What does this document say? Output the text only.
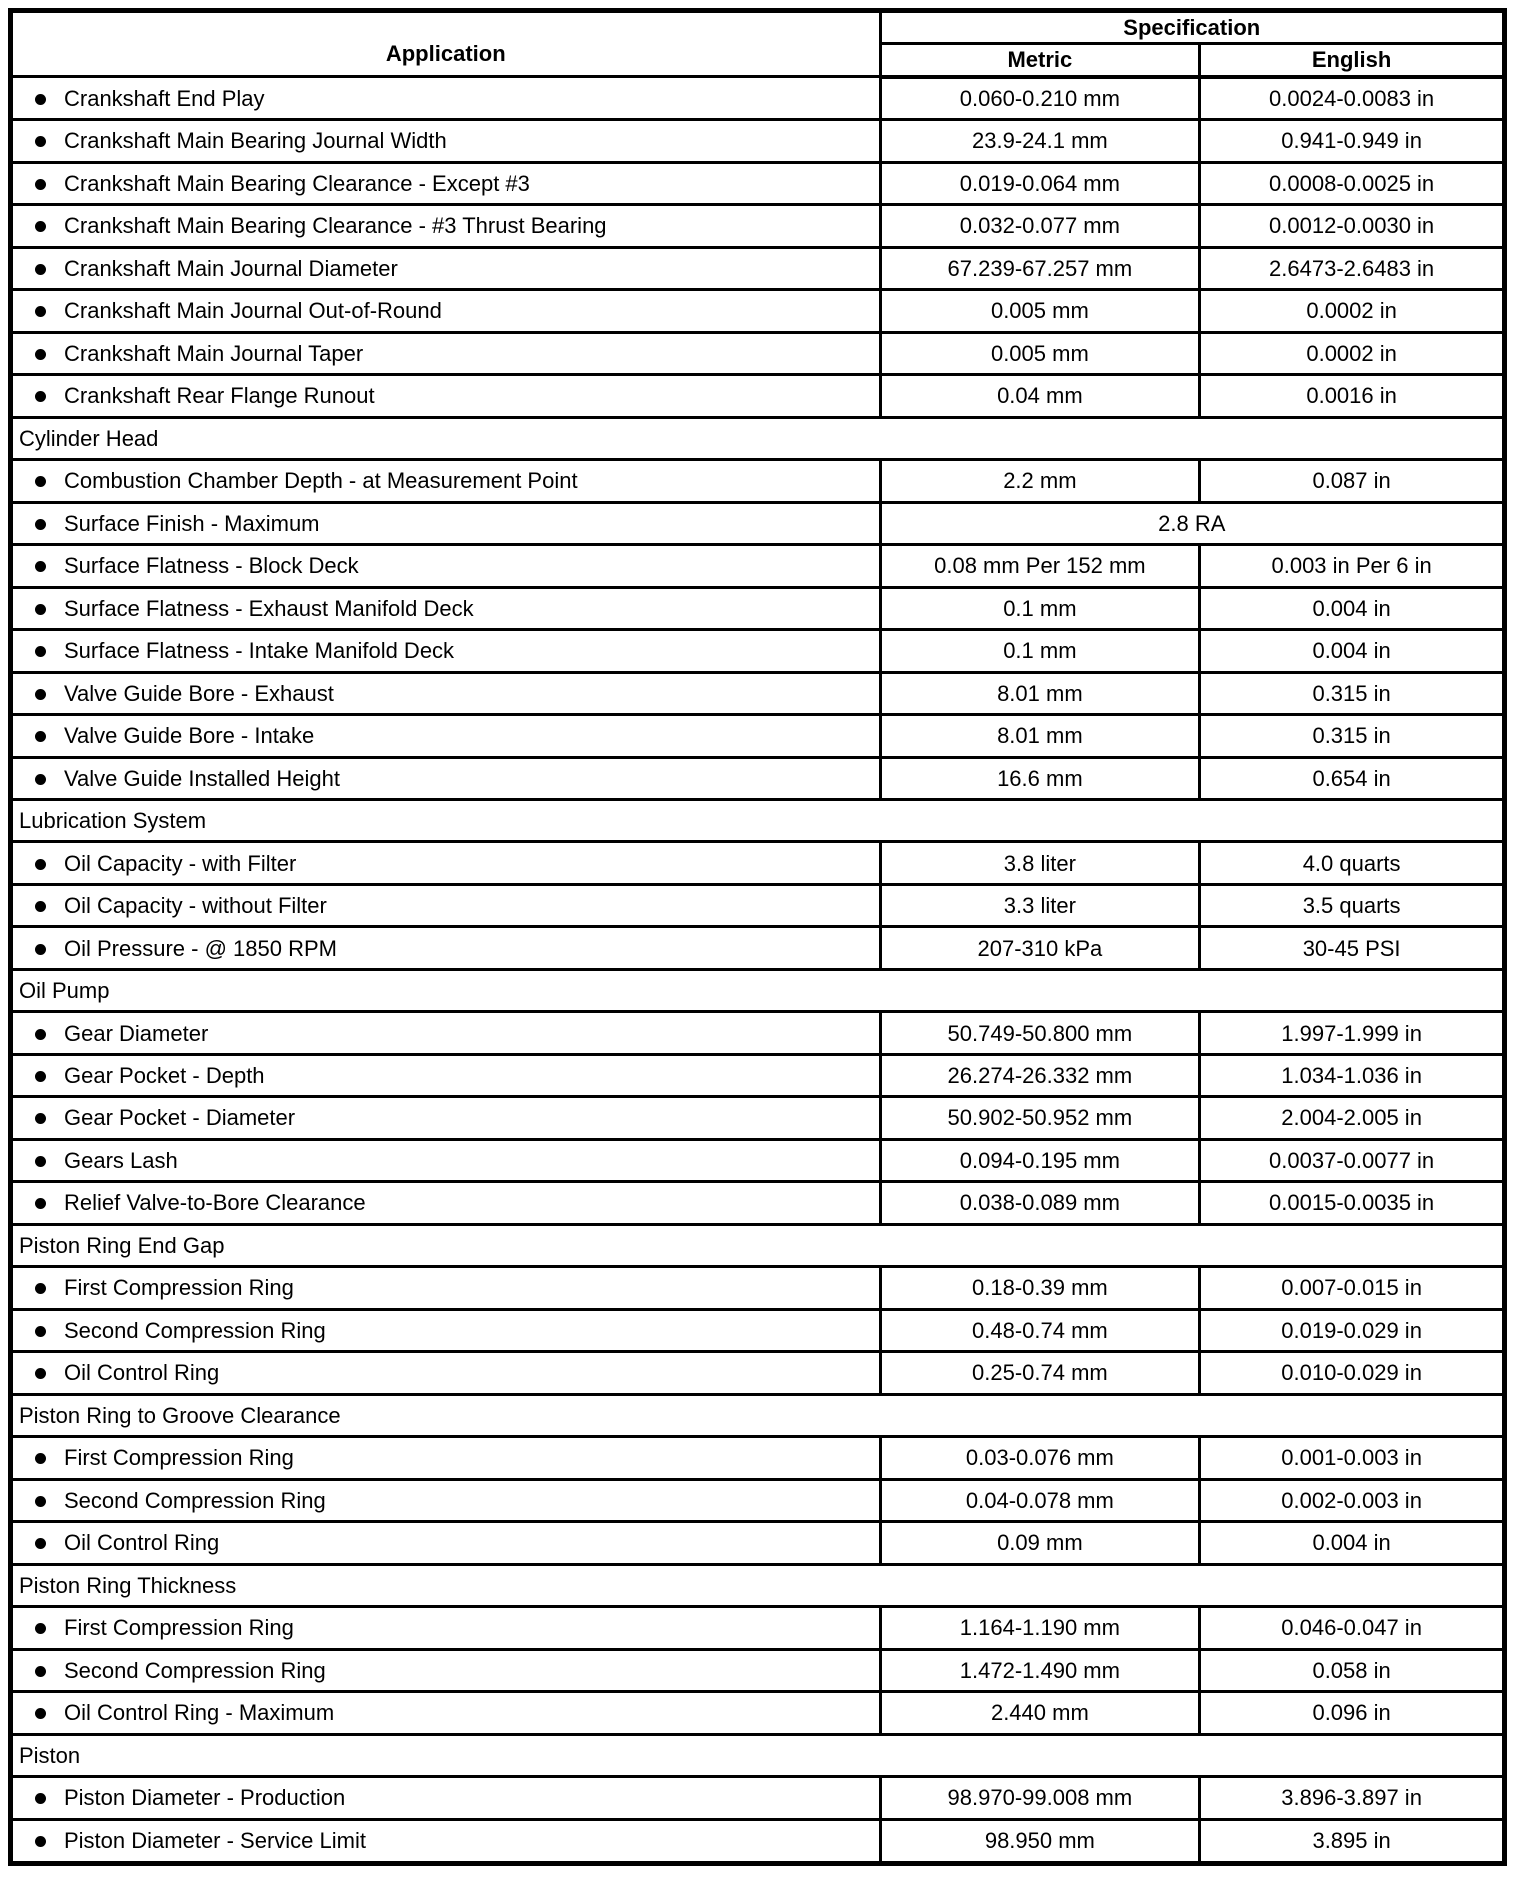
Application	Specification	
	Metric	English
Crankshaft End Play	0.060-0.210 mm	0.0024-0.0083 in
Crankshaft Main Bearing Journal Width	23.9-24.1 mm	0.941-0.949 in
Crankshaft Main Bearing Clearance - Except #3	0.019-0.064 mm	0.0008-0.0025 in
Crankshaft Main Bearing Clearance - #3 Thrust Bearing	0.032-0.077 mm	0.0012-0.0030 in
Crankshaft Main Journal Diameter	67.239-67.257 mm	2.6473-2.6483 in
Crankshaft Main Journal Out-of-Round	0.005 mm	0.0002 in
Crankshaft Main Journal Taper	0.005 mm	0.0002 in
Crankshaft Rear Flange Runout	0.04 mm	0.0016 in
Cylinder Head		
Combustion Chamber Depth - at Measurement Point	2.2 mm	0.087 in
Surface Finish - Maximum	2.8 RA	
Surface Flatness - Block Deck	0.08 mm Per 152 mm	0.003 in Per 6 in
Surface Flatness - Exhaust Manifold Deck	0.1 mm	0.004 in
Surface Flatness - Intake Manifold Deck	0.1 mm	0.004 in
Valve Guide Bore - Exhaust	8.01 mm	0.315 in
Valve Guide Bore - Intake	8.01 mm	0.315 in
Valve Guide Installed Height	16.6 mm	0.654 in
Lubrication System		
Oil Capacity - with Filter	3.8 liter	4.0 quarts
Oil Capacity - without Filter	3.3 liter	3.5 quarts
Oil Pressure - @ 1850 RPM	207-310 kPa	30-45 PSI
Oil Pump		
Gear Diameter	50.749-50.800 mm	1.997-1.999 in
Gear Pocket - Depth	26.274-26.332 mm	1.034-1.036 in
Gear Pocket - Diameter	50.902-50.952 mm	2.004-2.005 in
Gears Lash	0.094-0.195 mm	0.0037-0.0077 in
Relief Valve-to-Bore Clearance	0.038-0.089 mm	0.0015-0.0035 in
Piston Ring End Gap		
First Compression Ring	0.18-0.39 mm	0.007-0.015 in
Second Compression Ring	0.48-0.74 mm	0.019-0.029 in
Oil Control Ring	0.25-0.74 mm	0.010-0.029 in
Piston Ring to Groove Clearance		
First Compression Ring	0.03-0.076 mm	0.001-0.003 in
Second Compression Ring	0.04-0.078 mm	0.002-0.003 in
Oil Control Ring	0.09 mm	0.004 in
Piston Ring Thickness		
First Compression Ring	1.164-1.190 mm	0.046-0.047 in
Second Compression Ring	1.472-1.490 mm	0.058 in
Oil Control Ring - Maximum	2.440 mm	0.096 in
Piston		
Piston Diameter - Production	98.970-99.008 mm	3.896-3.897 in
Piston Diameter - Service Limit	98.950 mm	3.895 in
